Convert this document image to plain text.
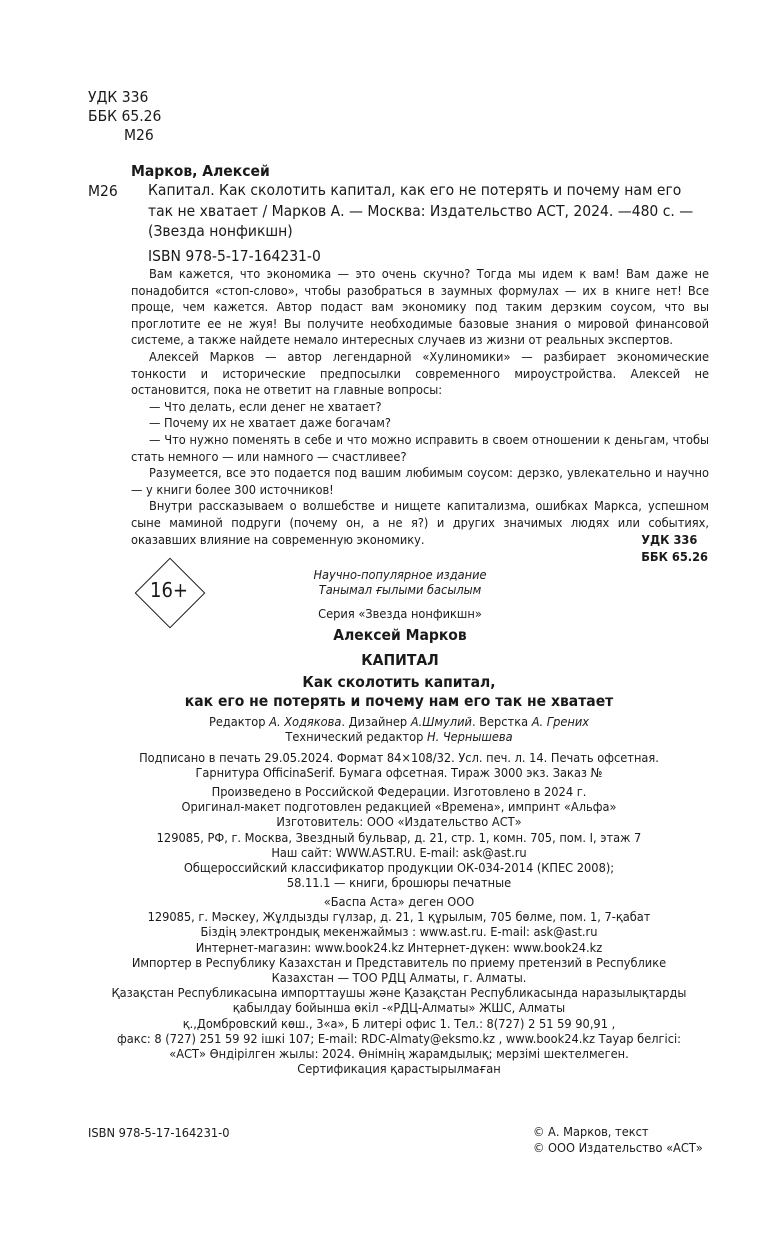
УДК 336
ББК 65.26
М26
Марков, Алексей
М26 Капитал. Как сколотить капитал, как его не потерять и почему нам его так не хватает / Марков А. — Москва: Издательство АСТ, 2024. —480 с. — (Звезда нонфикшн)

ISBN 978-5-17-164231-0

Вам кажется, что экономика — это очень скучно? Тогда мы идем к вам! Вам даже не понадобится «стоп-слово», чтобы разобраться в заумных формулах — их в книге нет! Все проще, чем кажется. Автор подаст вам экономику под таким дерзким соусом, что вы проглотите ее не жуя! Вы получите необходимые базовые знания о мировой финансовой системе, а также найдете немало интересных случаев из жизни от реальных экспертов.

Алексей Марков — автор легендарной «Хулиномики» — разбирает экономические тонкости и исторические предпосылки современного мироустройства. Алексей не остановится, пока не ответит на главные вопросы:

— Что делать, если денег не хватает?

— Почему их не хватает даже богачам?

— Что нужно поменять в себе и что можно исправить в своем отношении к деньгам, чтобы стать немного — или намного — счастливее?

Разумеется, все это подается под вашим любимым соусом: дерзко, увлекательно и научно — у книги более 300 источников!

Внутри рассказываем о волшебстве и нищете капитализма, ошибках Маркса, успешном сыне маминой подруги (почему он, а не я?) и других значимых людях или событиях, оказавших влияние на современную экономику.	УДК 336
ББК 65.26
16+
Научно-популярное издание
Танымал ғылыми басылым
Серия «Звезда нонфикшн»
Алексей Марков
КАПИТАЛ
Как сколотить капитал,
как его не потерять и почему нам его так не хватает
Редактор А. Ходякова. Дизайнер А.Шмулий. Верстка А. Грених
Технический редактор Н. Чернышева
Подписано в печать 29.05.2024. Формат 84×108/32. Усл. печ. л. 14. Печать офсетная.
Гарнитура OfficinaSerif. Бумага офсетная. Тираж 3000 экз. Заказ №
Произведено в Российской Федерации. Изготовлено в 2024 г.
Оригинал-макет подготовлен редакцией «Времена», импринт «Альфа»
Изготовитель: ООО «Издательство АСТ»
129085, РФ, г. Москва, Звездный бульвар, д. 21, стр. 1, комн. 705, пом. I, этаж 7
Наш сайт: WWW.AST.RU. E-mail: ask@ast.ru
Общероссийский классификатор продукции ОК-034-2014 (КПЕС 2008);
58.11.1 — книги, брошюры печатные
«Баспа Аста» деген ООО
129085, г. Мәскеу, Жұлдызды гүлзар, д. 21, 1 құрылым, 705 бөлме, пом. 1, 7-қабат
Біздің электрондық мекенжаймыз : www.ast.ru. E-mail: ask@ast.ru
Интернет-магазин: www.book24.kz Интернет-дүкен: www.book24.kz
Импортер в Республику Казахстан и Представитель по приему претензий в Республике
Казахстан — ТОО РДЦ Алматы, г. Алматы.
Қазақстан Республикасына импорттаушы және Қазақстан Республикасында наразылықтарды
қабылдау бойынша өкіл -«РДЦ-Алматы» ЖШС, Алматы
қ.,Домбровский көш., 3«а», Б литері офис 1. Тел.: 8(727) 2 51 59 90,91 ,
факс: 8 (727) 251 59 92 ішкі 107; E-mail: RDC-Almaty@eksmo.kz , www.book24.kz Тауар белгісі:
«АСТ» Өндірілген жылы: 2024. Өнімнің жарамдылық; мерзімі шектелмеген.
Сертификация қарастырылмаған
ISBN 978-5-17-164231-0	© А. Марков, текст
© ООО Издательство «АСТ»
